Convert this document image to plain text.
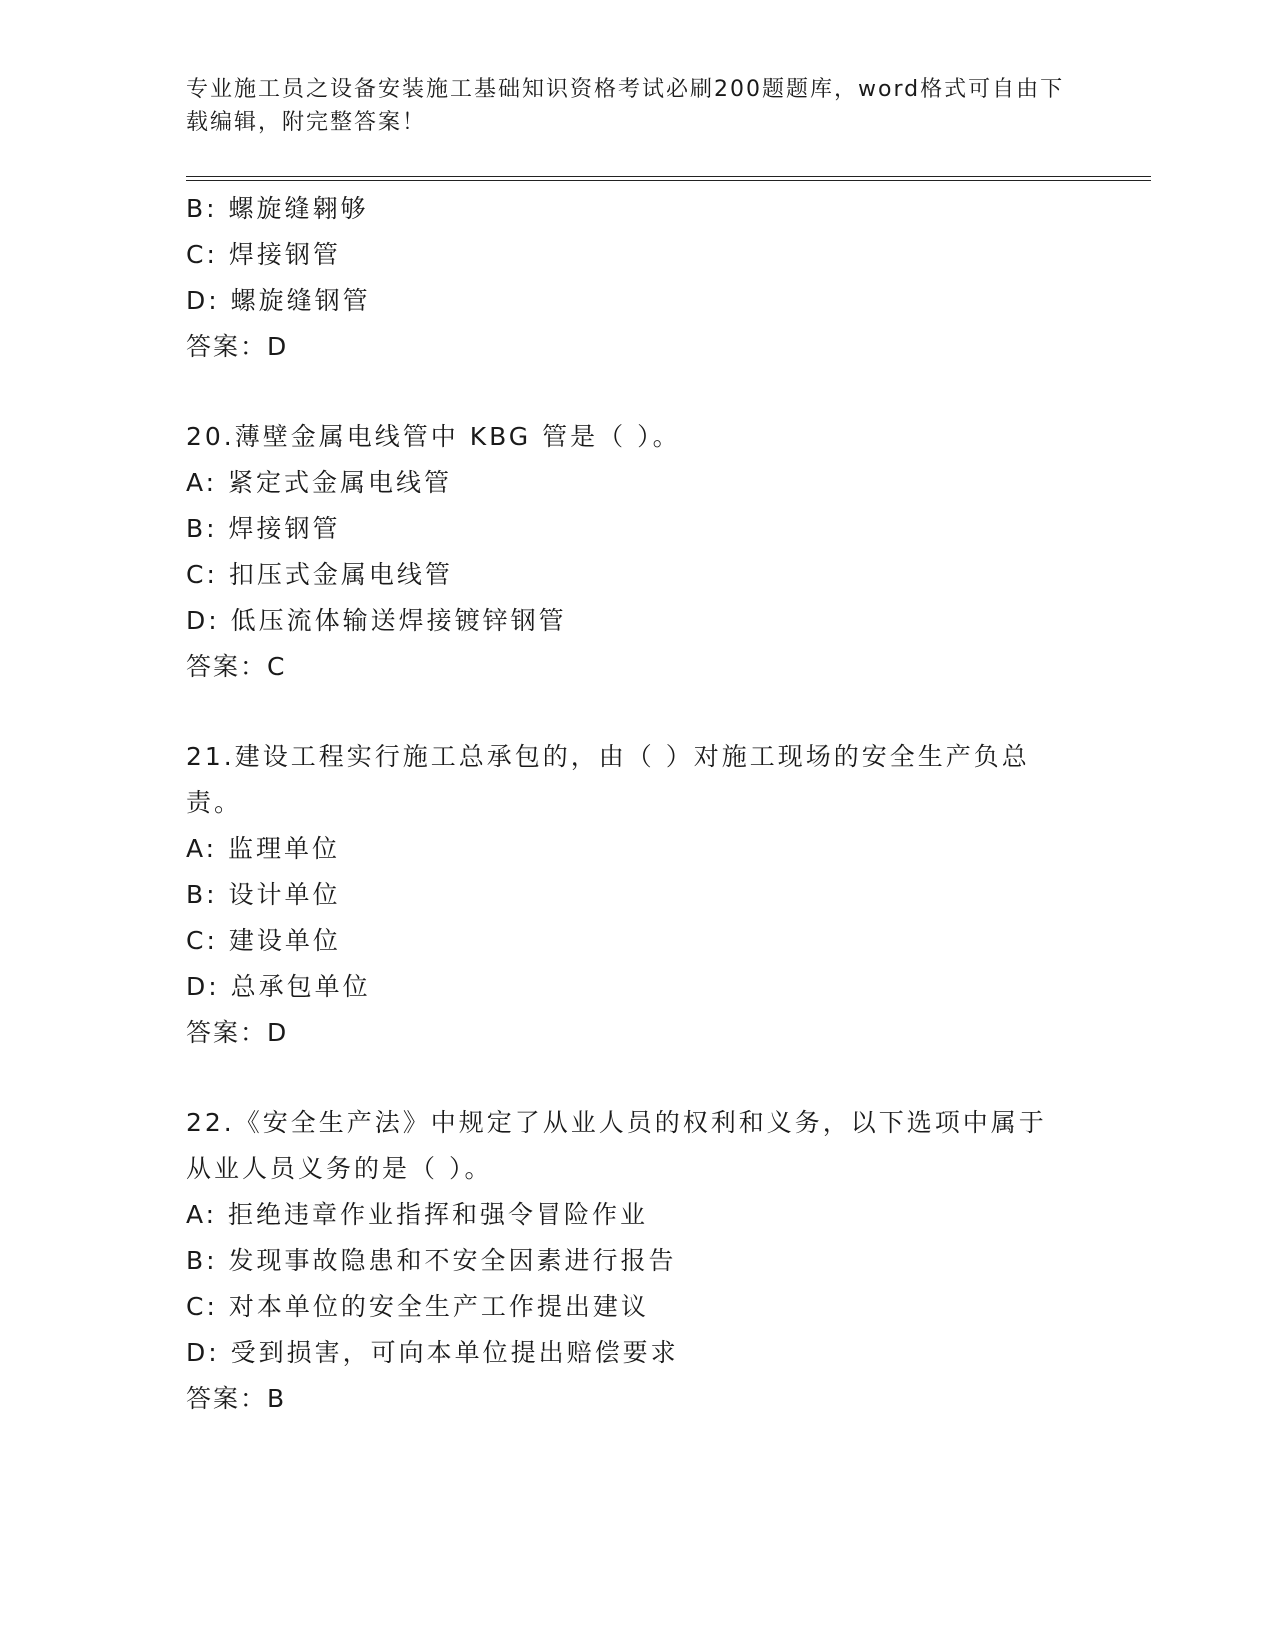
专业施工员之设备安装施工基础知识资格考试必刷200题题库，word格式可自由下载编辑，附完整答案！
B: 螺旋缝翱够
C: 焊接钢管
D: 螺旋缝钢管
答案：D
20.薄壁金属电线管中 KBG 管是（ ）。
A: 紧定式金属电线管
B: 焊接钢管
C: 扣压式金属电线管
D: 低压流体输送焊接镀锌钢管
答案：C
21.建设工程实行施工总承包的，由（ ）对施工现场的安全生产负总责。
A: 监理单位
B: 设计单位
C: 建设单位
D: 总承包单位
答案：D
22.《安全生产法》中规定了从业人员的权利和义务，以下选项中属于从业人员义务的是（ ）。
A: 拒绝违章作业指挥和强令冒险作业
B: 发现事故隐患和不安全因素进行报告
C: 对本单位的安全生产工作提出建议
D: 受到损害，可向本单位提出赔偿要求
答案：B
